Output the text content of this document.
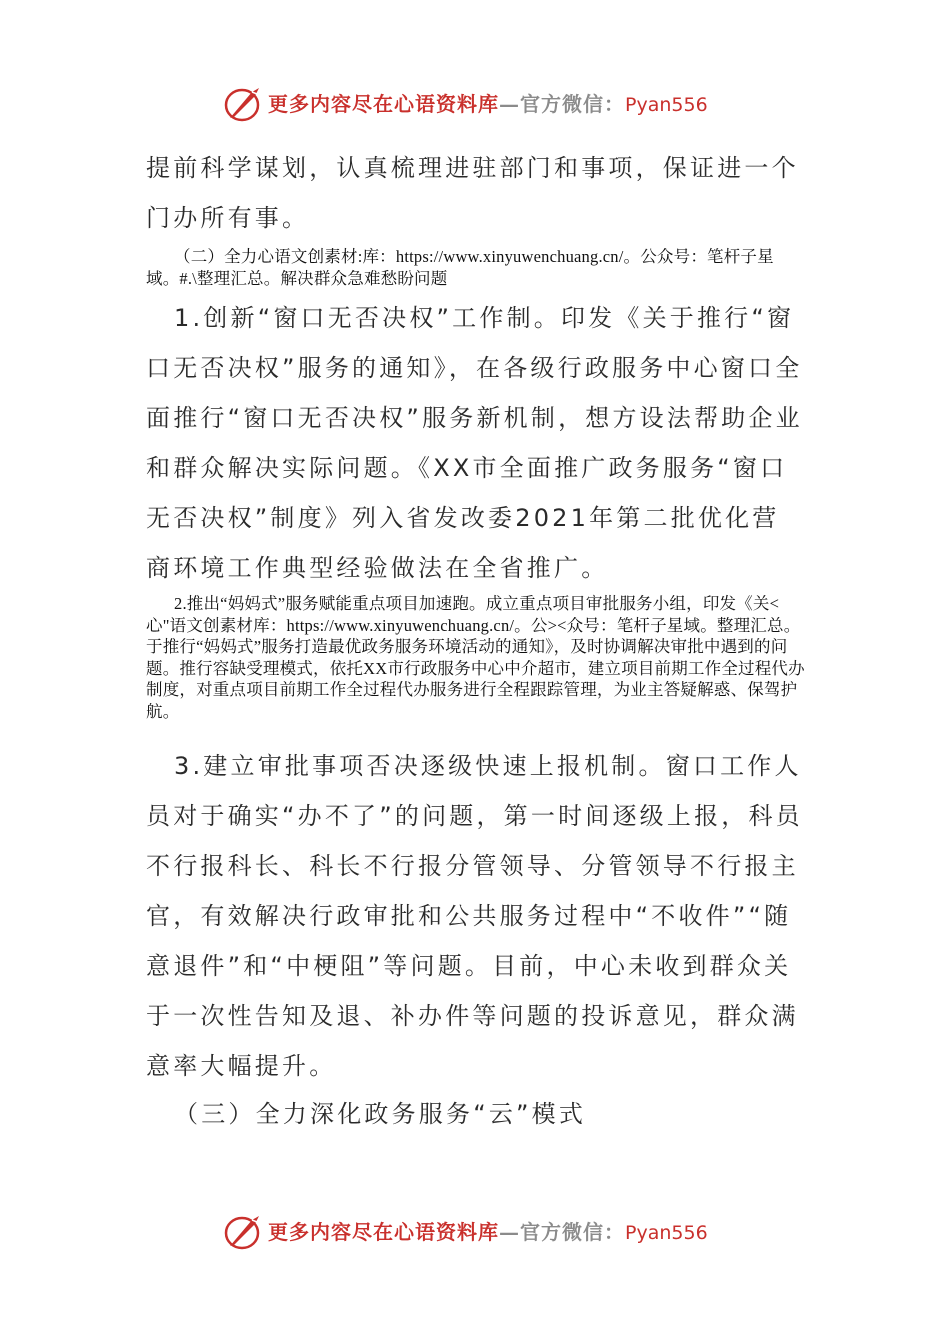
更多内容尽在心语资料库—官方微信：Pyan556

提前科学谋划，认真梳理进驻部门和事项，保证进一个门办所有事。

（二）全力心语文创素材:库：https://www.xinyuwenchuang.cn/。公众号：笔杆子星域。#.\整理汇总。解决群众急难愁盼问题

1.创新“窗口无否决权”工作制。印发《关于推行“窗口无否决权”服务的通知》，在各级行政服务中心窗口全面推行“窗口无否决权”服务新机制，想方设法帮助企业和群众解决实际问题。《XX市全面推广政务服务“窗口无否决权”制度》列入省发改委2021年第二批优化营商环境工作典型经验做法在全省推广。

2.推出“妈妈式”服务赋能重点项目加速跑。成立重点项目审批服务小组，印发《关<心"语文创素材库：https://www.xinyuwenchuang.cn/。公><众号：笔杆子星域。整理汇总。于推行“妈妈式”服务打造最优政务服务环境活动的通知》，及时协调解决审批中遇到的问题。推行容缺受理模式，依托XX市行政服务中心中介超市，建立项目前期工作全过程代办制度，对重点项目前期工作全过程代办服务进行全程跟踪管理，为业主答疑解惑、保驾护航。

3.建立审批事项否决逐级快速上报机制。窗口工作人员对于确实“办不了”的问题，第一时间逐级上报，科员不行报科长、科长不行报分管领导、分管领导不行报主官，有效解决行政审批和公共服务过程中“不收件”“随意退件”和“中梗阻”等问题。目前，中心未收到群众关于一次性告知及退、补办件等问题的投诉意见，群众满意率大幅提升。

（三）全力深化政务服务“云”模式

更多内容尽在心语资料库—官方微信：Pyan556
